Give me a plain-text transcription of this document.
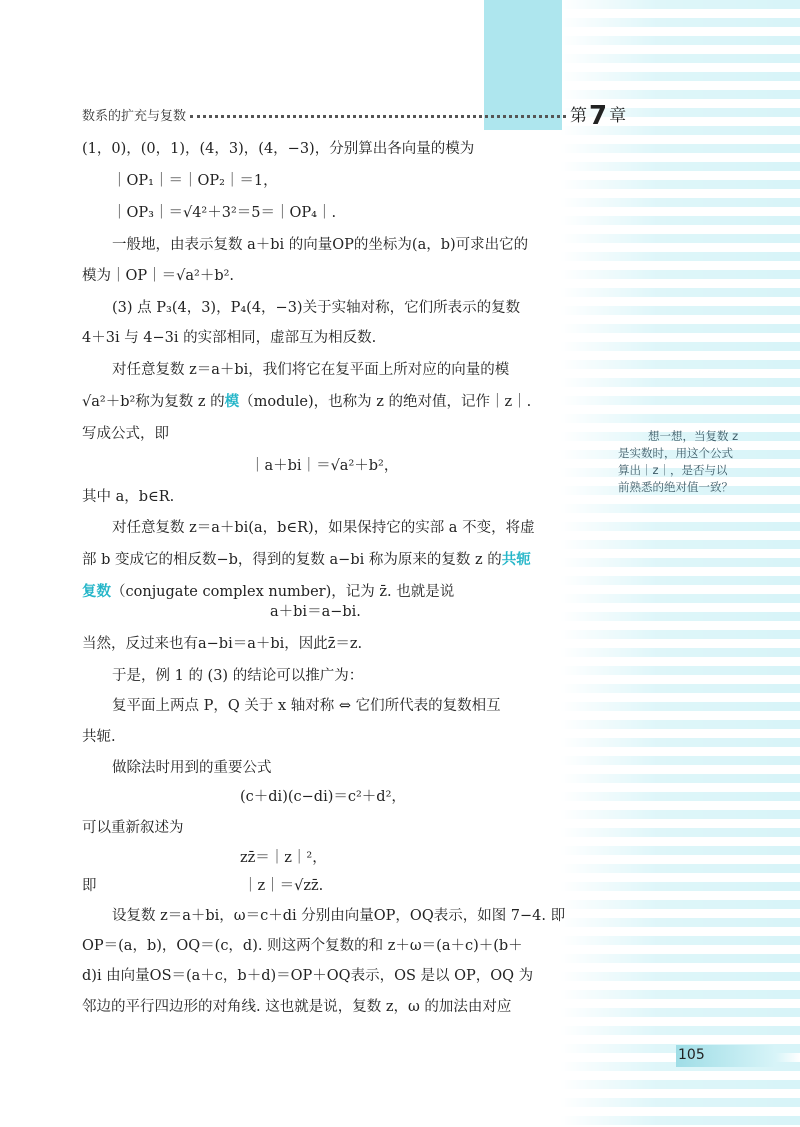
数系的扩充与复数	第7 章
(1，0)，(0，1)，(4，3)，(4，−3)，分别算出各向量的模为
｜OP₁｜＝｜OP₂｜＝1，
｜OP₃｜＝√4²＋3²＝5＝｜OP₄｜.
一般地，由表示复数 a＋bi 的向量OP的坐标为(a，b)可求出它的
模为｜OP｜＝√a²＋b².
(3) 点 P₃(4，3)，P₄(4，−3)关于实轴对称，它们所表示的复数
4＋3i 与 4−3i 的实部相同，虚部互为相反数.
对任意复数 z＝a＋bi，我们将它在复平面上所对应的向量的模
√a²＋b²称为复数 z 的模（module)，也称为 z 的绝对值，记作｜z｜.
写成公式，即
｜a＋bi｜＝√a²＋b²，
其中 a，b∈R.
对任意复数 z＝a＋bi(a，b∈R)，如果保持它的实部 a 不变，将虚
部 b 变成它的相反数−b，得到的复数 a−bi 称为原来的复数 z 的共轭
复数（conjugate complex number)，记为 z̄. 也就是说
a＋bi＝a−bi.
当然，反过来也有a−bi＝a＋bi，因此z̄̄＝z.
于是，例 1 的 (3) 的结论可以推广为：
复平面上两点 P，Q 关于 x 轴对称 ⇔ 它们所代表的复数相互
共轭.
做除法时用到的重要公式
(c＋di)(c−di)＝c²＋d²，
可以重新叙述为
zz̄＝｜z｜²，
即	｜z｜＝√zz̄.
设复数 z＝a＋bi，ω＝c＋di 分别由向量OP，OQ表示，如图 7−4. 即
OP＝(a，b)，OQ＝(c，d). 则这两个复数的和 z＋ω＝(a＋c)＋(b＋
d)i 由向量OS＝(a＋c，b＋d)＝OP＋OQ表示，OS 是以 OP，OQ 为
邻边的平行四边形的对角线. 这也就是说，复数 z，ω 的加法由对应
想一想，当复数 z
是实数时，用这个公式
算出｜z｜，是否与以
前熟悉的绝对值一致？
105
